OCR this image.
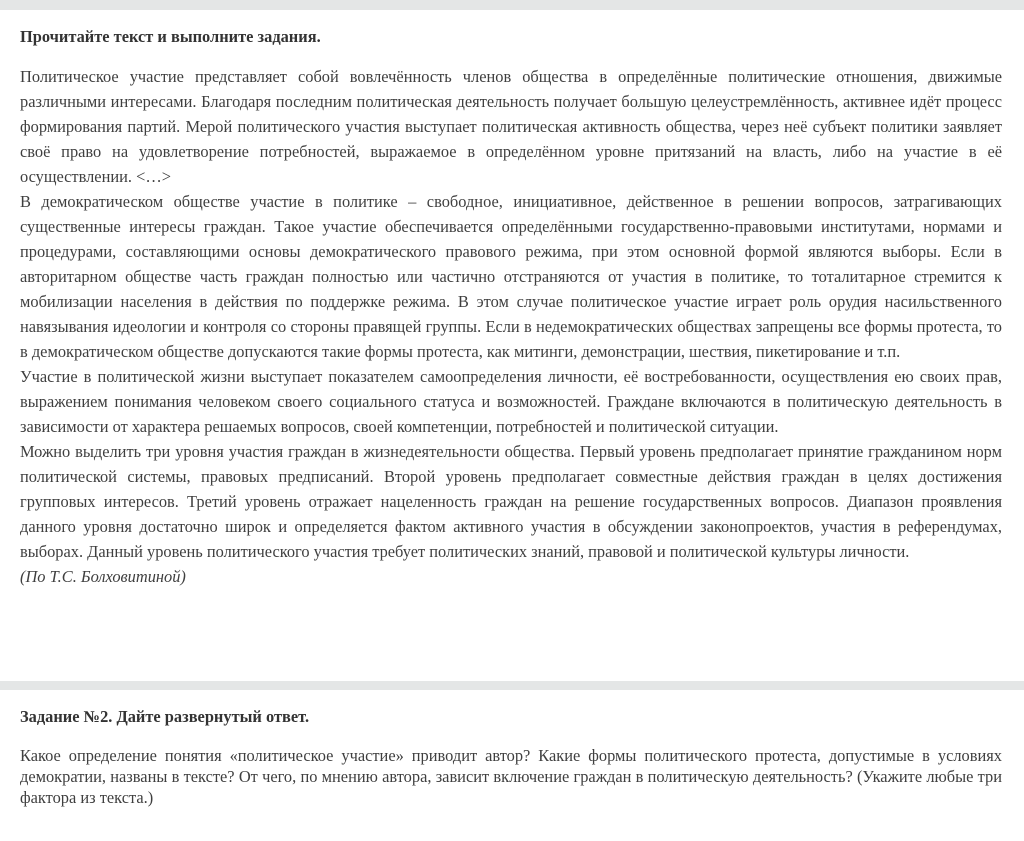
Прочитайте текст и выполните задания.

Политическое участие представляет собой вовлечённость членов общества в определённые политические отношения, движимые различными интересами. Благодаря последним политическая деятельность получает большую целеустремлённость, активнее идёт процесс формирования партий. Мерой политического участия выступает политическая активность общества, через неё субъект политики заявляет своё право на удовлетворение потребностей, выражаемое в определённом уровне притязаний на власть, либо на участие в её осуществлении. <…>

В демократическом обществе участие в политике – свободное, инициативное, действенное в решении вопросов, затрагивающих существенные интересы граждан. Такое участие обеспечивается определёнными государственно-правовыми институтами, нормами и процедурами, составляющими основы демократического правового режима, при этом основной формой являются выборы. Если в авторитарном обществе часть граждан полностью или частично отстраняются от участия в политике, то тоталитарное стремится к мобилизации населения в действия по поддержке режима. В этом случае политическое участие играет роль орудия насильственного навязывания идеологии и контроля со стороны правящей группы. Если в недемократических обществах запрещены все формы протеста, то в демократическом обществе допускаются такие формы протеста, как митинги, демонстрации, шествия, пикетирование и т.п.

Участие в политической жизни выступает показателем самоопределения личности, её востребованности, осуществления ею своих прав, выражением понимания человеком своего социального статуса и возможностей. Граждане включаются в политическую деятельность в зависимости от характера решаемых вопросов, своей компетенции, потребностей и политической ситуации.

Можно выделить три уровня участия граждан в жизнедеятельности общества. Первый уровень предполагает принятие гражданином норм политической системы, правовых предписаний. Второй уровень предполагает совместные действия граждан в целях достижения групповых интересов. Третий уровень отражает нацеленность граждан на решение государственных вопросов. Диапазон проявления данного уровня достаточно широк и определяется фактом активного участия в обсуждении законопроектов, участия в референдумах, выборах. Данный уровень политического участия требует политических знаний, правовой и политической культуры личности.

(По Т.С. Болховитиной)

Задание №2. Дайте развернутый ответ.

Какое определение понятия «политическое участие» приводит автор? Какие формы политического протеста, допустимые в условиях демократии, названы в тексте? От чего, по мнению автора, зависит включение граждан в политическую деятельность? (Укажите любые три фактора из текста.)
